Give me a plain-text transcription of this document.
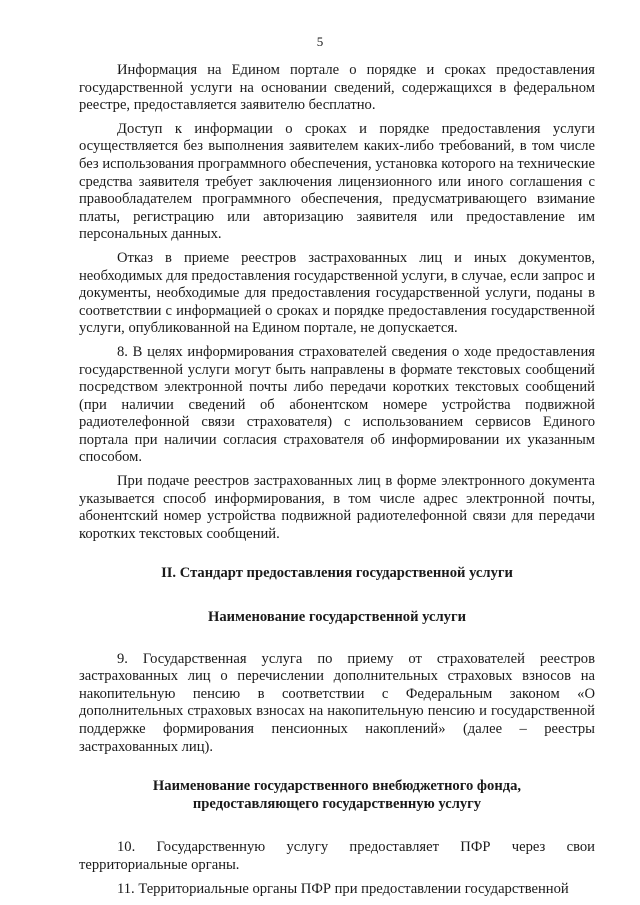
5

Информация на Едином портале о порядке и сроках предоставления государственной услуги на основании сведений, содержащихся в федеральном реестре, предоставляется заявителю бесплатно.

Доступ к информации о сроках и порядке предоставления услуги осуществляется без выполнения заявителем каких-либо требований, в том числе без использования программного обеспечения, установка которого на технические средства заявителя требует заключения лицензионного или иного соглашения с правообладателем программного обеспечения, предусматривающего взимание платы, регистрацию или авторизацию заявителя или предоставление им персональных данных.

Отказ в приеме реестров застрахованных лиц и иных документов, необходимых для предоставления государственной услуги, в случае, если запрос и документы, необходимые для предоставления государственной услуги, поданы в соответствии с информацией о сроках и порядке предоставления государственной услуги, опубликованной на Едином портале, не допускается.

8. В целях информирования страхователей сведения о ходе предоставления государственной услуги могут быть направлены в формате текстовых сообщений посредством электронной почты либо передачи коротких текстовых сообщений (при наличии сведений об абонентском номере устройства подвижной радиотелефонной связи страхователя) с использованием сервисов Единого портала при наличии согласия страхователя об информировании их указанным способом.

При подаче реестров застрахованных лиц в форме электронного документа указывается способ информирования, в том числе адрес электронной почты, абонентский номер устройства подвижной радиотелефонной связи для передачи коротких текстовых сообщений.

II. Стандарт предоставления государственной услуги

Наименование государственной услуги

9. Государственная услуга по приему от страхователей реестров застрахованных лиц о перечислении дополнительных страховых взносов на накопительную пенсию в соответствии с Федеральным законом «О дополнительных страховых взносах на накопительную пенсию и государственной поддержке формирования пенсионных накоплений» (далее – реестры застрахованных лиц).

Наименование государственного внебюджетного фонда,
предоставляющего государственную услугу

10. Государственную услугу предоставляет ПФР через свои территориальные органы.

11. Территориальные органы ПФР при предоставлении государственной
